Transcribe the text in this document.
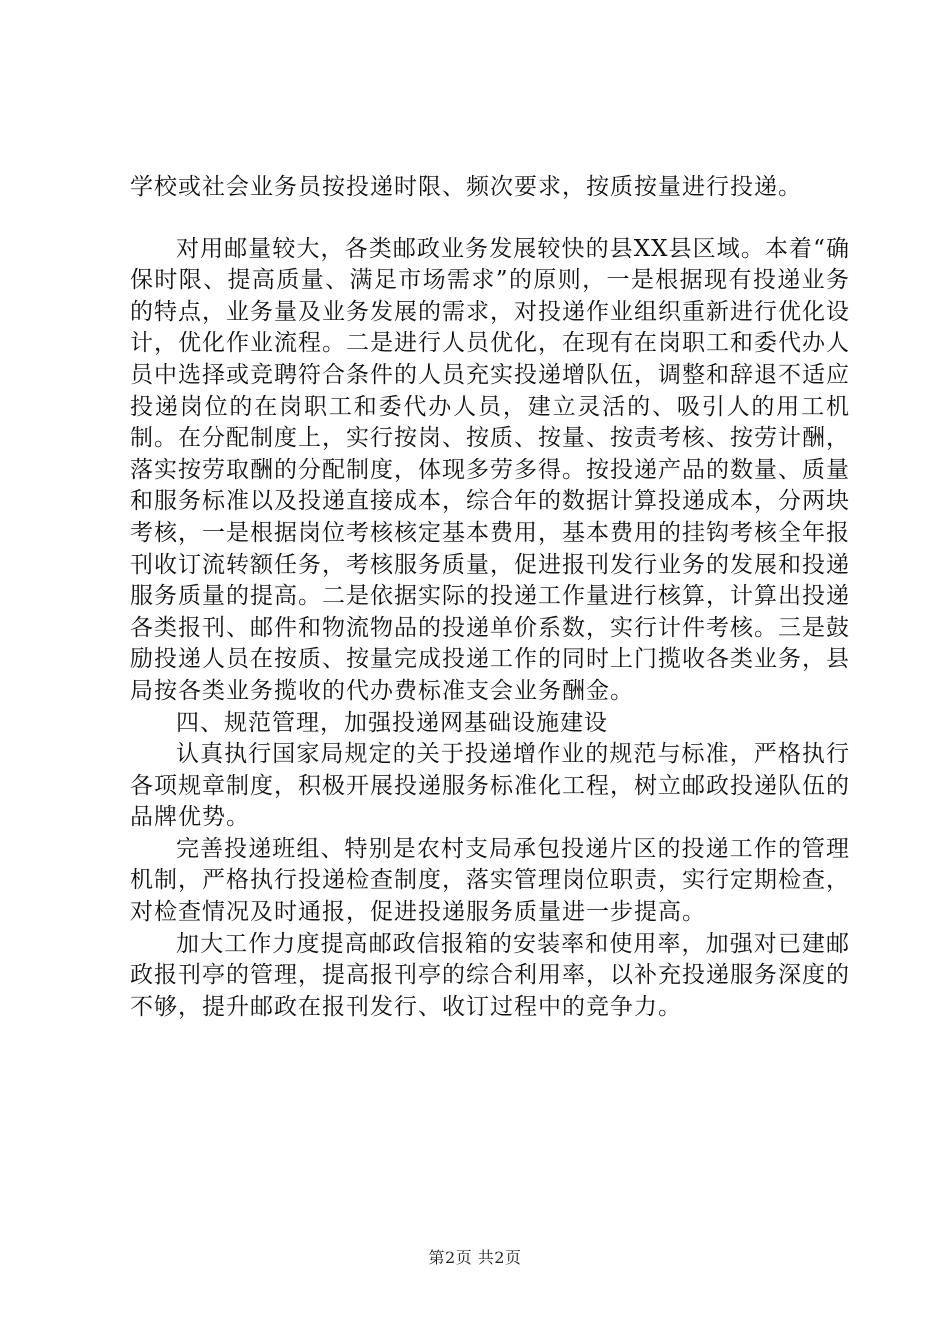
学校或社会业务员按投递时限、频次要求，按质按量进行投递。

对用邮量较大，各类邮政业务发展较快的县XX县区域。本着“确保时限、提高质量、满足市场需求”的原则，一是根据现有投递业务的特点，业务量及业务发展的需求，对投递作业组织重新进行优化设计，优化作业流程。二是进行人员优化，在现有在岗职工和委代办人员中选择或竞聘符合条件的人员充实投递增队伍，调整和辞退不适应投递岗位的在岗职工和委代办人员，建立灵活的、吸引人的用工机制。在分配制度上，实行按岗、按质、按量、按责考核、按劳计酬，落实按劳取酬的分配制度，体现多劳多得。按投递产品的数量、质量和服务标准以及投递直接成本，综合年的数据计算投递成本，分两块考核，一是根据岗位考核核定基本费用，基本费用的挂钩考核全年报刊收订流转额任务，考核服务质量，促进报刊发行业务的发展和投递服务质量的提高。二是依据实际的投递工作量进行核算，计算出投递各类报刊、邮件和物流物品的投递单价系数，实行计件考核。三是鼓励投递人员在按质、按量完成投递工作的同时上门揽收各类业务，县局按各类业务揽收的代办费标准支会业务酬金。

四、规范管理，加强投递网基础设施建设

认真执行国家局规定的关于投递增作业的规范与标准，严格执行各项规章制度，积极开展投递服务标准化工程，树立邮政投递队伍的品牌优势。

完善投递班组、特别是农村支局承包投递片区的投递工作的管理机制，严格执行投递检查制度，落实管理岗位职责，实行定期检查，对检查情况及时通报，促进投递服务质量进一步提高。

加大工作力度提高邮政信报箱的安装率和使用率，加强对已建邮政报刊亭的管理，提高报刊亭的综合利用率，以补充投递服务深度的不够，提升邮政在报刊发行、收订过程中的竞争力。

第2页 共2页
